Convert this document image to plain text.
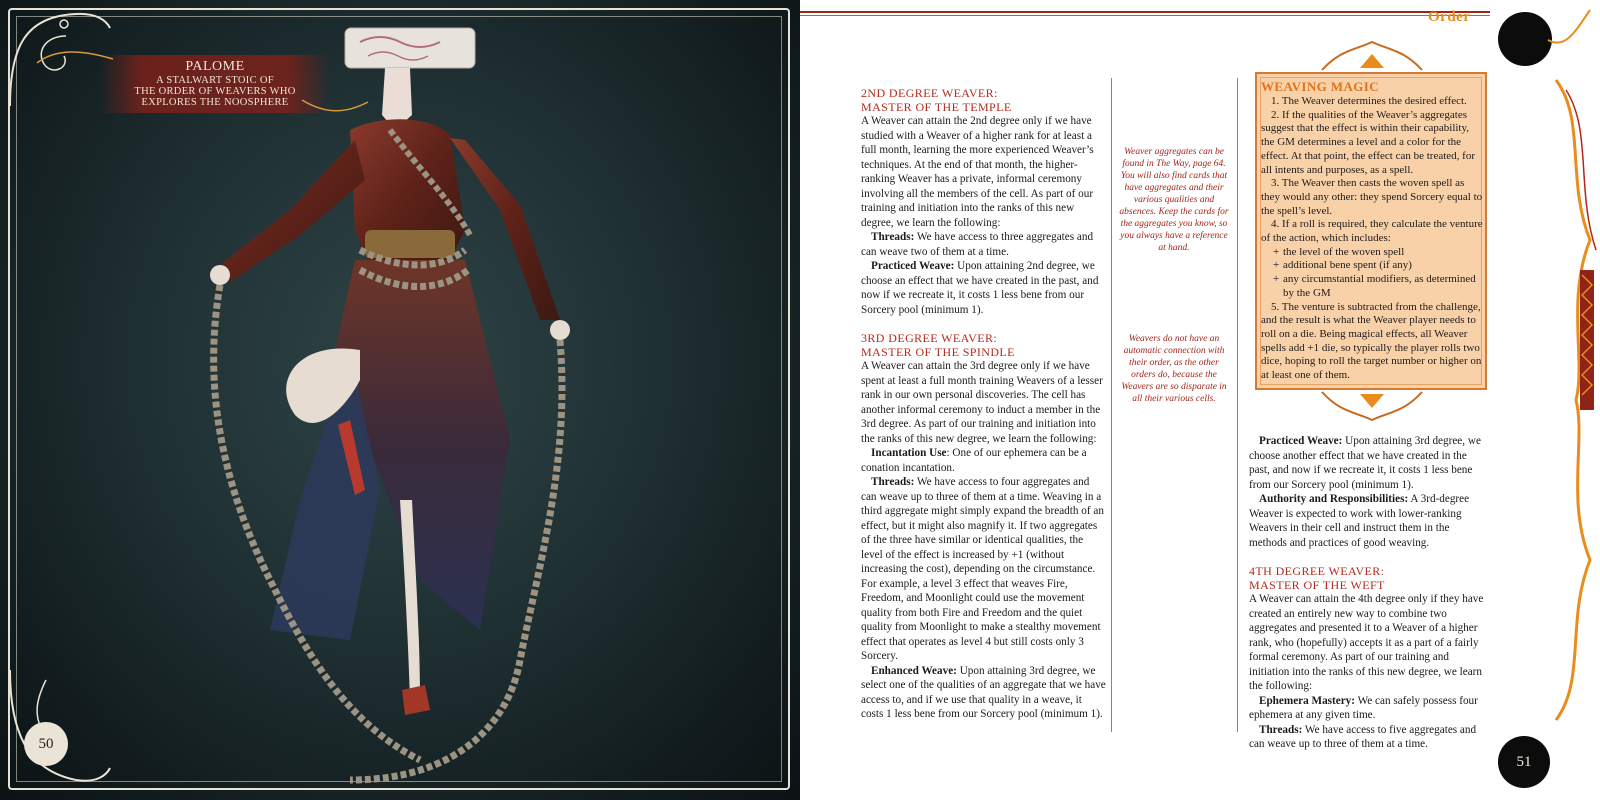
PALOME
A STALWART STOIC OF
THE ORDER OF WEAVERS WHO
EXPLORES THE NOOSPHERE
50
Order
51
2ND DEGREE WEAVER:
MASTER OF THE TEMPLE

A Weaver can attain the 2nd degree only if we have studied with a Weaver of a higher rank for at least a full month, learning the more experienced Weaver’s techniques. At the end of that month, the higher-ranking Weaver has a private, informal ceremony involving all the members of the cell. As part of our training and initiation into the ranks of this new degree, we learn the following:

Threads: We have access to three aggregates and can weave two of them at a time.

Practiced Weave: Upon attaining 2nd degree, we choose an effect that we have created in the past, and now if we recreate it, it costs 1 less bene from our Sorcery pool (minimum 1).

3RD DEGREE WEAVER:
MASTER OF THE SPINDLE

A Weaver can attain the 3rd degree only if we have spent at least a full month training Weavers of a lesser rank in our own personal discoveries. The cell has another informal ceremony to induct a member in the 3rd degree. As part of our training and initiation into the ranks of this new degree, we learn the following:

Incantation Use: One of our ephemera can be a conation incantation.

Threads: We have access to four aggregates and can weave up to three of them at a time. Weaving in a third aggregate might simply expand the breadth of an effect, but it might also magnify it. If two aggregates of the three have similar or identical qualities, the level of the effect is increased by +1 (without increasing the cost), depending on the circumstance. For example, a level 3 effect that weaves Fire, Freedom, and Moonlight could use the movement quality from both Fire and Freedom and the quiet quality from Moonlight to make a stealthy movement effect that operates as level 4 but still costs only 3 Sorcery.

Enhanced Weave: Upon attaining 3rd degree, we select one of the qualities of an aggregate that we have access to, and if we use that quality in a weave, it costs 1 less bene from our Sorcery pool (minimum 1).

Weaver aggregates can be found in The Way, page 64. You will also find cards that have aggregates and their various qualities and absences. Keep the cards for the aggregates you know, so you always have a reference at hand.
Weavers do not have an automatic connection with their order, as the other orders do, because the Weavers are so disparate in all their various cells.
WEAVING MAGIC

1. The Weaver determines the desired effect.

2. If the qualities of the Weaver’s aggregates suggest that the effect is within their capability, the GM determines a level and a color for the effect. At that point, the effect can be treated, for all intents and purposes, as a spell.

3. The Weaver then casts the woven spell as they would any other: they spend Sorcery equal to the spell’s level.

4. If a roll is required, they calculate the venture of the action, which includes:

+ the level of the woven spell
+ additional bene spent (if any)
+ any circumstantial modifiers, as determined by the GM

5. The venture is subtracted from the challenge, and the result is what the Weaver player needs to roll on a die. Being magical effects, all Weaver spells add +1 die, so typically the player rolls two dice, hoping to roll the target number or higher on at least one of them.

Practiced Weave: Upon attaining 3rd degree, we choose another effect that we have created in the past, and now if we recreate it, it costs 1 less bene from our Sorcery pool (minimum 1).

Authority and Responsibilities: A 3rd-degree Weaver is expected to work with lower-ranking Weavers in their cell and instruct them in the methods and practices of good weaving.

4TH DEGREE WEAVER:
MASTER OF THE WEFT

A Weaver can attain the 4th degree only if they have created an entirely new way to combine two aggregates and presented it to a Weaver of a higher rank, who (hopefully) accepts it as a part of a fairly formal ceremony. As part of our training and initiation into the ranks of this new degree, we learn the following:

Ephemera Mastery: We can safely possess four ephemera at any given time.

Threads: We have access to five aggregates and can weave up to three of them at a time.
